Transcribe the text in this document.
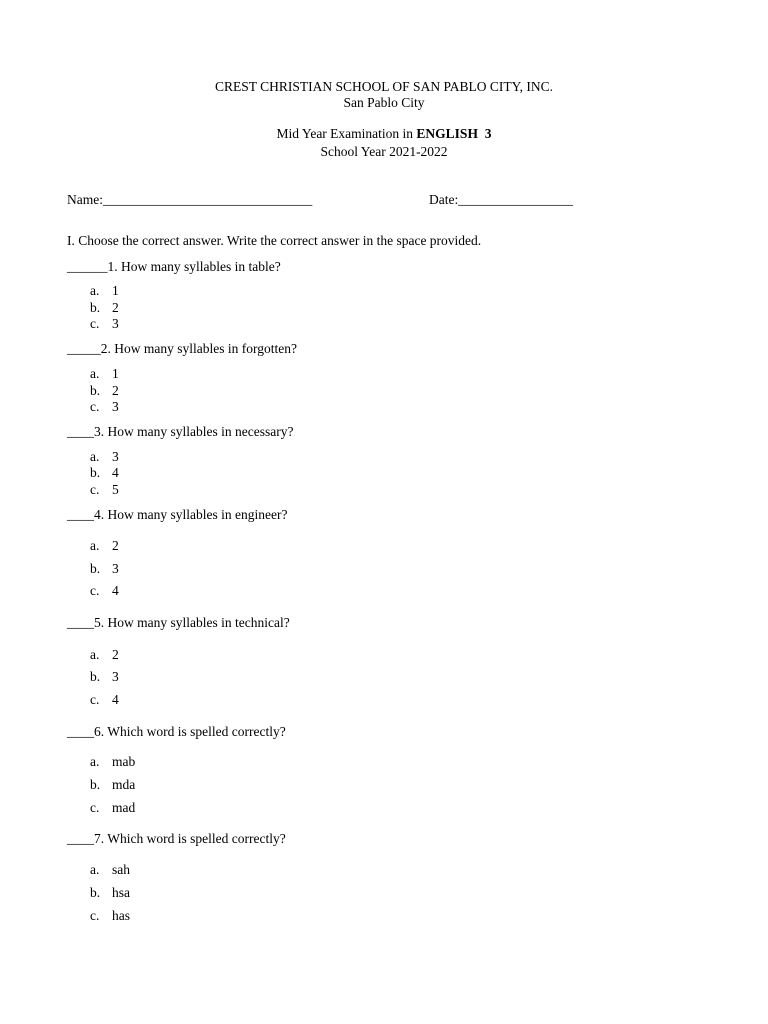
CREST CHRISTIAN SCHOOL OF SAN PABLO CITY, INC.
San Pablo City
Mid Year Examination in ENGLISH  3
School Year 2021-2022
Name:_______________________________	Date:_________________
I. Choose the correct answer. Write the correct answer in the space provided.
______1. How many syllables in table?
a. 1
b. 2
c. 3
_____2. How many syllables in forgotten?
a. 1
b. 2
c. 3
____3. How many syllables in necessary?
a. 3
b. 4
c. 5
____4. How many syllables in engineer?
a. 2
b. 3
c. 4
____5. How many syllables in technical?
a. 2
b. 3
c. 4
____6. Which word is spelled correctly?
a. mab
b. mda
c. mad
____7. Which word is spelled correctly?
a. sah
b. hsa
c. has
